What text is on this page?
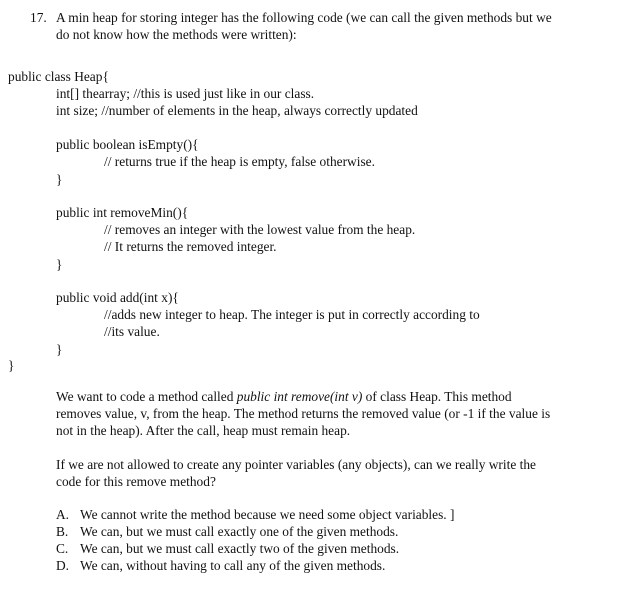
17. A min heap for storing integer has the following code (we can call the given methods but we
do not know how the methods were written):
public class Heap{
int[] thearray; //this is used just like in our class.
int size; //number of elements in the heap, always correctly updated
public boolean isEmpty(){
// returns true if the heap is empty, false otherwise.
}
public int removeMin(){
// removes an integer with the lowest value from the heap.
// It returns the removed integer.
}
public void add(int x){
//adds new integer to heap. The integer is put in correctly according to
//its value.
}
}
We want to code a method called public int remove(int v) of class Heap. This method
removes value, v, from the heap. The method returns the removed value (or -1 if the value is
not in the heap). After the call, heap must remain heap.
If we are not allowed to create any pointer variables (any objects), can we really write the
code for this remove method?
A. We cannot write the method because we need some object variables. ]
B. We can, but we must call exactly one of the given methods.
C. We can, but we must call exactly two of the given methods.
D. We can, without having to call any of the given methods.
